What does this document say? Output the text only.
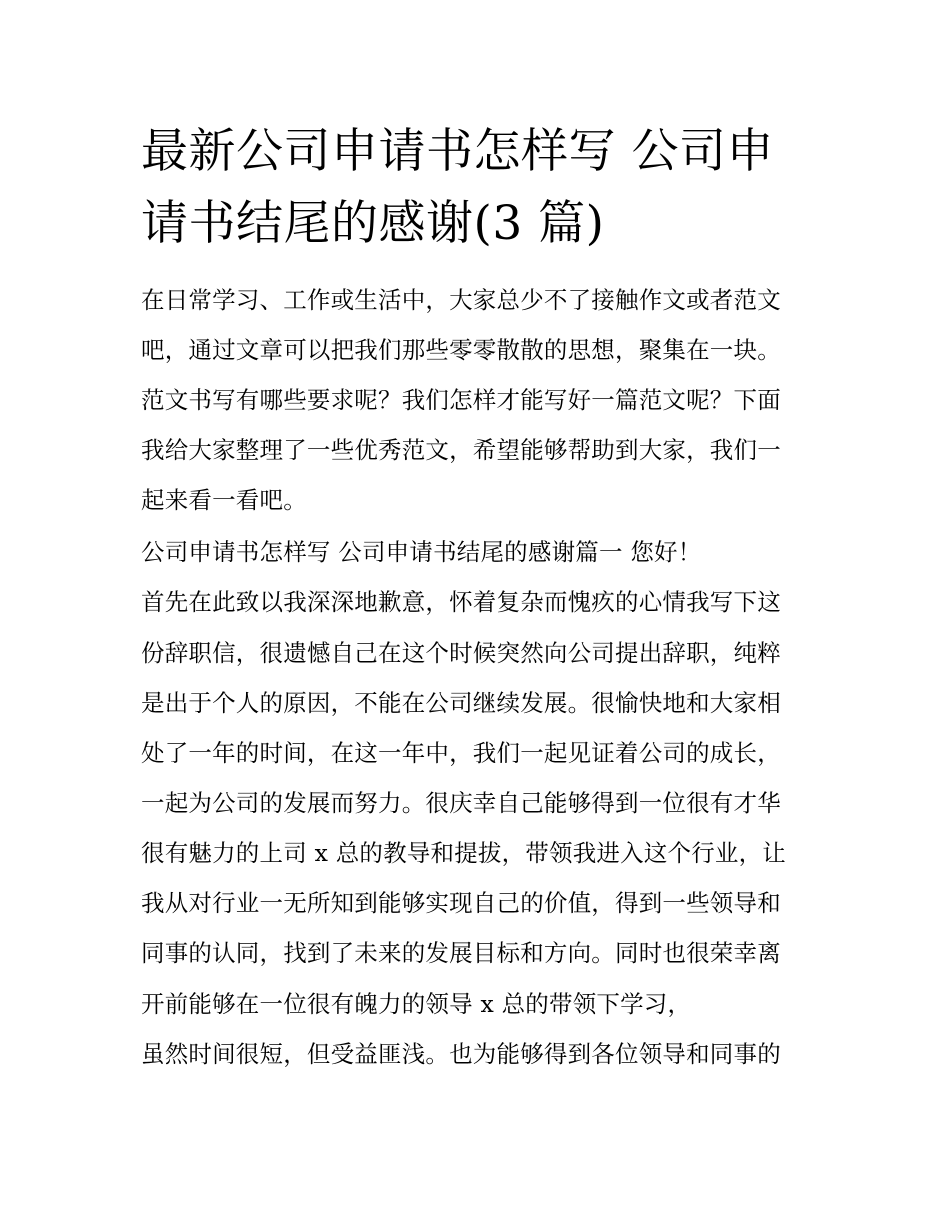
最新公司申请书怎样写 公司申
请书结尾的感谢(3 篇)

在日常学习、工作或生活中，大家总少不了接触作文或者范文

吧，通过文章可以把我们那些零零散散的思想，聚集在一块。

范文书写有哪些要求呢？我们怎样才能写好一篇范文呢？下面

我给大家整理了一些优秀范文，希望能够帮助到大家，我们一

起来看一看吧。

公司申请书怎样写 公司申请书结尾的感谢篇一 您好！

首先在此致以我深深地歉意，怀着复杂而愧疚的心情我写下这

份辞职信，很遗憾自己在这个时候突然向公司提出辞职，纯粹

是出于个人的原因，不能在公司继续发展。很愉快地和大家相

处了一年的时间，在这一年中，我们一起见证着公司的成长，

一起为公司的发展而努力。很庆幸自己能够得到一位很有才华

很有魅力的上司 x 总的教导和提拔，带领我进入这个行业，让

我从对行业一无所知到能够实现自己的价值，得到一些领导和

同事的认同，找到了未来的发展目标和方向。同时也很荣幸离

开前能够在一位很有魄力的领导 x 总的带领下学习，

虽然时间很短，但受益匪浅。也为能够得到各位领导和同事的
